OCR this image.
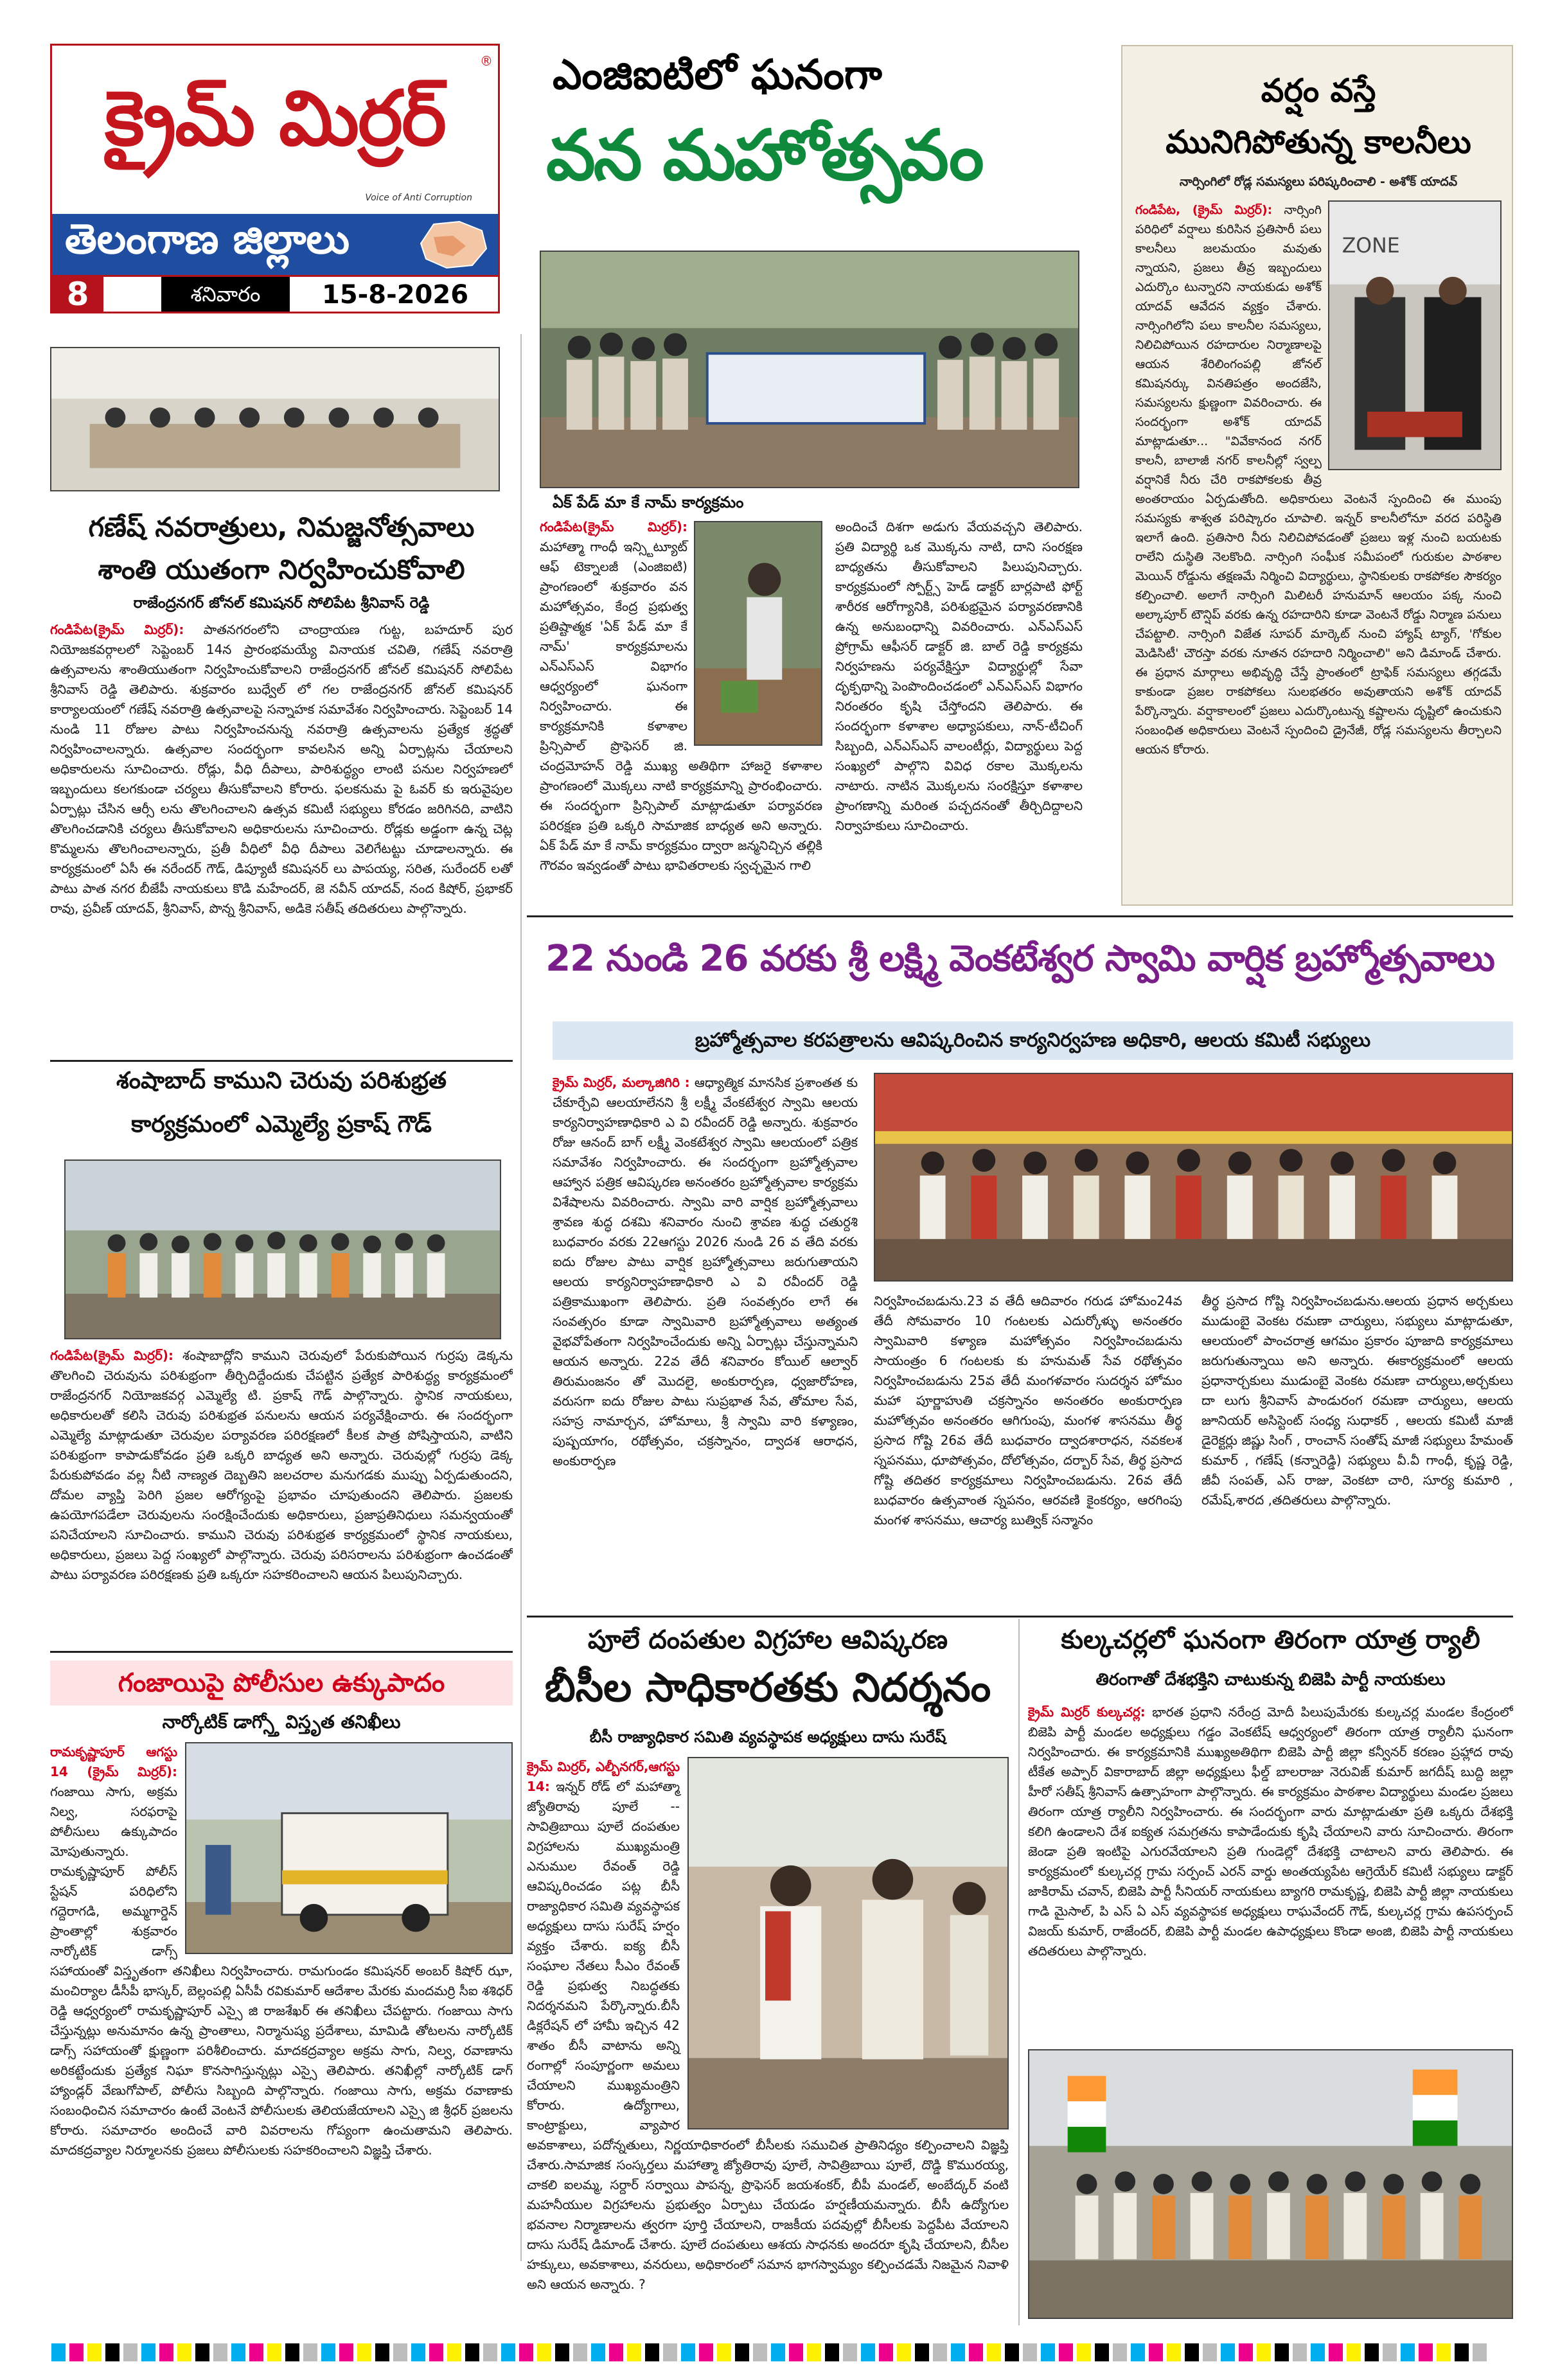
క్రైమ్ మిర్రర్
®
Voice of Anti Corruption
తెలంగాణ జిల్లాలు
8	శనివారం	15-8-2026
ఎంజిఐటిలో ఘనంగా
వన మహోత్సవం
ఏక్ పేడ్ మా కే నామ్ కార్యక్రమం
గండిపేట(క్రైమ్ మిర్రర్): మహాత్మా గాంధీ ఇన్స్టిట్యూట్ ఆఫ్ టెక్నాలజీ (ఎంజిఐటి) ప్రాంగణంలో శుక్రవారం వన మహోత్సవం, కేంద్ర ప్రభుత్వ ప్రతిష్టాత్మక 'ఏక్ పేడ్ మా కే నామ్' కార్యక్రమాలను ఎన్ఎస్ఎస్ విభాగం ఆధ్వర్యంలో ఘనంగా నిర్వహించారు. ఈ కార్యక్రమానికి కళాశాల ప్రిన్సిపాల్ ప్రొఫెసర్ జి. చంద్రమోహన్ రెడ్డి ముఖ్య అతిథిగా హాజరై కళాశాల ప్రాంగణంలో మొక్కలు నాటి కార్యక్రమాన్ని ప్రారంభించారు. ఈ సందర్భంగా ప్రిన్సిపాల్ మాట్లాడుతూ పర్యావరణ పరిరక్షణ ప్రతి ఒక్కరి సామాజిక బాధ్యత అని అన్నారు. ఏక్ పేడ్ మా కే నామ్ కార్యక్రమం ద్వారా జన్మనిచ్చిన తల్లికి గౌరవం ఇవ్వడంతో పాటు భావితరాలకు స్వచ్ఛమైన గాలి
అందించే దిశగా అడుగు వేయవచ్చని తెలిపారు. ప్రతి విద్యార్థి ఒక మొక్కను నాటి, దాని సంరక్షణ బాధ్యతను తీసుకోవాలని పిలుపునిచ్చారు. కార్యక్రమంలో స్పోర్ట్స్ హెడ్ డాక్టర్ బార్లపాటి ఫోర్ట్ శారీరక ఆరోగ్యానికి, పరిశుభ్రమైన పర్యావరణానికి ఉన్న అనుబంధాన్ని వివరించారు. ఎన్ఎస్ఎస్ ప్రోగ్రామ్ ఆఫీసర్ డాక్టర్ జి. బాల్ రెడ్డి కార్యక్రమ నిర్వహణను పర్యవేక్షిస్తూ విద్యార్థుల్లో సేవా దృక్పథాన్ని పెంపొందించడంలో ఎన్ఎస్ఎస్ విభాగం నిరంతరం కృషి చేస్తోందని తెలిపారు. ఈ సందర్భంగా కళాశాల అధ్యాపకులు, నాన్-టీచింగ్ సిబ్బంది, ఎన్ఎస్ఎస్ వాలంటీర్లు, విద్యార్థులు పెద్ద సంఖ్యలో పాల్గొని వివిధ రకాల మొక్కలను నాటారు. నాటిన మొక్కలను సంరక్షిస్తూ కళాశాల ప్రాంగణాన్ని మరింత పచ్చదనంతో తీర్చిదిద్దాలని నిర్వాహకులు సూచించారు.
వర్షం వస్తే
మునిగిపోతున్న కాలనీలు
నార్సింగిలో రోడ్ల సమస్యలు పరిష్కరించాలి - అశోక్ యాదవ్
ZONE
గండిపేట, (క్రైమ్ మిర్రర్): నార్సింగి పరిధిలో వర్షాలు కురిసిన ప్రతిసారీ పలు కాలనీలు జలమయం మవుతు న్నాయని, ప్రజలు తీవ్ర ఇబ్బందులు ఎదుర్కొం టున్నారని నాయకుడు అశోక్ యాదవ్ ఆవేదన వ్యక్తం చేశారు. నార్సింగిలోని పలు కాలనీల సమస్యలు, నిలిచిపోయిన రహదారుల నిర్మాణాలపై ఆయన శేరిలింగంపల్లి జోనల్ కమిషనర్కు వినతిపత్రం అందజేసి, సమస్యలను క్షుణ్ణంగా వివరించారు. ఈ సందర్భంగా అశోక్ యాదవ్ మాట్లాడుతూ... "వివేకానంద నగర్ కాలనీ, బాలాజీ నగర్ కాలనీల్లో స్వల్ప వర్షానికే నీరు చేరి రాకపోకలకు తీవ్ర అంతరాయం ఏర్పడుతోంది. అధికారులు వెంటనే స్పందించి ఈ ముంపు సమస్యకు శాశ్వత పరిష్కారం చూపాలి. ఇన్నర్ కాలనీలోనూ వరద పరిస్థితి ఇలాగే ఉంది. ప్రతిసారి నీరు నిలిచిపోవడంతో ప్రజలు ఇళ్ల నుంచి బయటకు రాలేని దుస్థితి నెలకొంది. నార్సింగి సంఘీక సమీపంలో గురుకుల పాఠశాల మెయిన్ రోడ్డును తక్షణమే నిర్మించి విద్యార్థులు, స్థానికులకు రాకపోకల సౌకర్యం కల్పించాలి. అలాగే నార్సింగి మిలిటరీ హనుమాన్ ఆలయం పక్క నుంచి అల్కాపూర్ టౌన్షిప్ వరకు ఉన్న రహదారిని కూడా వెంటనే రోడ్డు నిర్మాణ పనులు చేపట్టాలి. నార్సింగి విజేత సూపర్ మార్కెట్ నుంచి హ్యాష్ ట్యాగ్, 'గోకుల మెడిసిటీ' చౌరస్తా వరకు నూతన రహదారి నిర్మించాలి" అని డిమాండ్ చేశారు. ఈ ప్రధాన మార్గాలు అభివృద్ధి చేస్తే ప్రాంతంలో ట్రాఫిక్ సమస్యలు తగ్గడమే కాకుండా ప్రజల రాకపోకలు సులభతరం అవుతాయని అశోక్ యాదవ్ పేర్కొన్నారు. వర్షాకాలంలో ప్రజలు ఎదుర్కొంటున్న కష్టాలను దృష్టిలో ఉంచుకుని సంబంధిత అధికారులు వెంటనే స్పందించి డ్రైనేజీ, రోడ్ల సమస్యలను తీర్చాలని ఆయన కోరారు.
గణేష్ నవరాత్రులు, నిమజ్జనోత్సవాలు
శాంతి యుతంగా నిర్వహించుకోవాలి
రాజేంద్రనగర్ జోనల్ కమిషనర్ సోలిపేట శ్రీనివాస్ రెడ్డి
గండిపేట(క్రైమ్ మిర్రర్): పాతనగరంలోని చాంద్రాయణ గుట్ట, బహదూర్ పుర నియోజకవర్గాలలో సెప్టెంబర్ 14న ప్రారంభమయ్యే వినాయక చవితి, గణేష్ నవరాత్రి ఉత్సవాలను శాంతియుతంగా నిర్వహించుకోవాలని రాజేంద్రనగర్ జోనల్ కమిషనర్ సోలిపేట శ్రీనివాస్ రెడ్డి తెలిపారు. శుక్రవారం బుధ్వేల్ లో గల రాజేంద్రనగర్ జోనల్ కమిషనర్ కార్యాలయంలో గణేష్ నవరాత్రి ఉత్సవాలపై సన్నాహక సమావేశం నిర్వహించారు. సెప్టెంబర్ 14 నుండి 11 రోజుల పాటు నిర్వహించనున్న నవరాత్రి ఉత్సవాలను ప్రత్యేక శ్రద్ధతో నిర్వహించాలన్నారు. ఉత్సవాల సందర్భంగా కావలసిన అన్ని ఏర్పాట్లను చేయాలని అధికారులను సూచించారు. రోడ్లు, వీధి దీపాలు, పారిశుద్ధ్యం లాంటి పనుల నిర్వహణలో ఇబ్బందులు కలగకుండా చర్యలు తీసుకోవాలని కోరారు. ఫలకనుమ పై ఓవర్ కు ఇరువైపుల ఏర్పాట్లు చేసిన ఆర్సీ లను తొలగించాలని ఉత్సవ కమిటీ సభ్యులు కోరడం జరిగినది, వాటిని తొలగించడానికి చర్యలు తీసుకోవాలని అధికారులను సూచించారు. రోడ్లకు అడ్డంగా ఉన్న చెట్ల కొమ్మలను తొలగించాలన్నారు, ప్రతీ వీధిలో వీధి దీపాలు వెలిగేటట్టు చూడాలన్నారు. ఈ కార్యక్రమంలో ఏసీ ఈ నరేందర్ గౌడ్, డిప్యూటీ కమిషనర్ లు పాపయ్య, సరిత, సురేందర్ లతో పాటు పాత నగర బీజేపీ నాయకులు కొడి మహేందర్, జె నవీన్ యాదవ్, నంద కిషోర్, ప్రభాకర్ రావు, ప్రవీణ్ యాదవ్, శ్రీనివాస్, పొన్న శ్రీనివాస్, అడికె సతీష్ తదితరులు పాల్గొన్నారు.
శంషాబాద్ కాముని చెరువు పరిశుభ్రత
కార్యక్రమంలో ఎమ్మెల్యే ప్రకాష్ గౌడ్
గండిపేట(క్రైమ్ మిర్రర్): శంషాబాద్లోని కాముని చెరువులో పేరుకుపోయిన గుర్రపు డెక్కను తొలగించి చెరువును పరిశుభ్రంగా తీర్చిదిద్దేందుకు చేపట్టిన ప్రత్యేక పారిశుద్ధ్య కార్యక్రమంలో రాజేంద్రనగర్ నియోజకవర్గ ఎమ్మెల్యే టి. ప్రకాష్ గౌడ్ పాల్గొన్నారు. స్థానిక నాయకులు, అధికారులతో కలిసి చెరువు పరిశుభ్రత పనులను ఆయన పర్యవేక్షించారు. ఈ సందర్భంగా ఎమ్మెల్యే మాట్లాడుతూ చెరువుల పర్యావరణ పరిరక్షణలో కీలక పాత్ర పోషిస్తాయని, వాటిని పరిశుభ్రంగా కాపాడుకోవడం ప్రతి ఒక్కరి బాధ్యత అని అన్నారు. చెరువుల్లో గుర్రపు డెక్క పేరుకుపోవడం వల్ల నీటి నాణ్యత దెబ్బతిని జలచరాల మనుగడకు ముప్పు ఏర్పడుతుందని, దోమల వ్యాప్తి పెరిగి ప్రజల ఆరోగ్యంపై ప్రభావం చూపుతుందని తెలిపారు. ప్రజలకు ఉపయోగపడేలా చెరువులను సంరక్షించేందుకు అధికారులు, ప్రజాప్రతినిధులు సమన్వయంతో పనిచేయాలని సూచించారు. కాముని చెరువు పరిశుభ్రత కార్యక్రమంలో స్థానిక నాయకులు, అధికారులు, ప్రజలు పెద్ద సంఖ్యలో పాల్గొన్నారు. చెరువు పరిసరాలను పరిశుభ్రంగా ఉంచడంతో పాటు పర్యావరణ పరిరక్షణకు ప్రతి ఒక్కరూ సహకరించాలని ఆయన పిలుపునిచ్చారు.
గంజాయిపై పోలీసుల ఉక్కుపాదం
నార్కోటిక్ డాగ్స్తో విస్తృత తనిఖీలు
రామకృష్ణాపూర్ ఆగస్టు 14 (క్రైమ్ మిర్రర్): గంజాయి సాగు, అక్రమ నిల్వ, సరఫరాపై పోలీసులు ఉక్కుపాదం మోపుతున్నారు. రామకృష్ణాపూర్ పోలీస్ స్టేషన్ పరిధిలోని గద్దెరాగడి, అమ్మగార్డెన్ ప్రాంతాల్లో శుక్రవారం నార్కోటిక్ డాగ్స్ సహాయంతో విస్తృతంగా తనిఖీలు నిర్వహించారు. రామగుండం కమిషనర్ అంబర్ కిషోర్ ఝా, మంచిర్యాల డీసీపీ భాస్కర్, బెల్లంపల్లి ఏసీపీ రవికుమార్ ఆదేశాల మేరకు మందమర్రి సీఐ శశిధర్ రెడ్డి ఆధ్వర్యంలో రామకృష్ణాపూర్ ఎస్సై జి రాజశేఖర్ ఈ తనిఖీలు చేపట్టారు. గంజాయి సాగు చేస్తున్నట్లు అనుమానం ఉన్న ప్రాంతాలు, నిర్మానుష్య ప్రదేశాలు, మామిడి తోటలను నార్కోటిక్ డాగ్స్ సహాయంతో క్షుణ్ణంగా పరిశీలించారు. మాదకద్రవ్యాల అక్రమ సాగు, నిల్వ, రవాణాను అరికట్టేందుకు ప్రత్యేక నిఘా కొనసాగిస్తున్నట్లు ఎస్సై తెలిపారు. తనిఖీల్లో నార్కోటిక్ డాగ్ హ్యాండ్లర్ వేణుగోపాల్, పోలీసు సిబ్బంది పాల్గొన్నారు. గంజాయి సాగు, అక్రమ రవాణాకు సంబంధించిన సమాచారం ఉంటే వెంటనే పోలీసులకు తెలియజేయాలని ఎస్సై జి శ్రీధర్ ప్రజలను కోరారు. సమాచారం అందించే వారి వివరాలను గోప్యంగా ఉంచుతామని తెలిపారు. మాదకద్రవ్యాల నిర్మూలనకు ప్రజలు పోలీసులకు సహకరించాలని విజ్ఞప్తి చేశారు.
22 నుండి 26 వరకు శ్రీ లక్ష్మి వెంకటేశ్వర స్వామి వార్షిక బ్రహ్మోత్సవాలు
బ్రహ్మోత్సవాల కరపత్రాలను ఆవిష్కరించిన కార్యనిర్వహణ అధికారి, ఆలయ కమిటీ సభ్యులు
క్రైమ్ మిర్రర్, మల్కాజిగిరి : ఆధ్యాత్మిక మానసిక ప్రశాంతత కు చేకూర్చేవి ఆలయాలేనని శ్రీ లక్ష్మీ వేంకటేశ్వర స్వామి ఆలయ కార్యనిర్వాహణాధికారి ఎ వి రవీందర్ రెడ్డి అన్నారు. శుక్రవారం రోజు ఆనంద్ బాగ్ లక్ష్మీ వెంకటేశ్వర స్వామి ఆలయంలో పత్రిక సమావేశం నిర్వహించారు. ఈ సందర్భంగా బ్రహ్మోత్సవాల ఆహ్వాన పత్రిక ఆవిష్కరణ అనంతరం బ్రహ్మోత్సవాల కార్యక్రమ విశేషాలను వివరించారు. స్వామి వారి వార్షిక బ్రహ్మోత్సవాలు శ్రావణ శుద్ధ దశమి శనివారం నుంచి శ్రావణ శుద్ధ చతుర్దశి బుధవారం వరకు 22ఆగస్టు 2026 నుండి 26 వ తేది వరకు ఐదు రోజుల పాటు వార్షిక బ్రహ్మోత్సవాలు జరుగుతాయని ఆలయ కార్యనిర్వాహణాధికారి ఎ వి రవీందర్ రెడ్డి పత్రికాముఖంగా తెలిపారు. ప్రతి సంవత్సరం లాగే ఈ సంవత్సరం కూడా స్వామివారి బ్రహ్మోత్సవాలు అత్యంత వైభవోపేతంగా నిర్వహించేందుకు అన్ని ఏర్పాట్లు చేస్తున్నామని ఆయన అన్నారు. 22వ తేదీ శనివారం కోయిల్ ఆల్వార్ తిరుమంజనం తో మొదలై, అంకురార్పణ, ధ్వజారోహణ, వరుసగా ఐదు రోజుల పాటు సుప్రభాత సేవ, తోమాల సేవ, సహస్ర నామార్చన, హోమాలు, శ్రీ స్వామి వారి కళ్యాణం, పుష్పయాగం, రథోత్సవం, చక్రస్నానం, ద్వాదశ ఆరాధన, అంకురార్పణ
నిర్వహించబడును.23 వ తేదీ ఆదివారం గరుడ హోమం24వ తేదీ సోమవారం 10 గంటలకు ఎదుర్కోళ్ళు అనంతరం స్వామివారి కళ్యాణ మహోత్సవం నిర్వహించబడును సాయంత్రం 6 గంటలకు కు హనుమత్ సేవ రథోత్సవం నిర్వహించబడును 25వ తేదీ మంగళవారం సుదర్శన హోమం మహా పూర్ణాహుతి చక్రస్నానం అనంతరం అంకురార్పణ మహోత్సవం అనంతరం ఆగిగుంపు, మంగళ శాసనము తీర్థ ప్రసాద గోష్టి 26వ తేదీ బుధవారం ద్వాదశారాధన, నవకలశ స్నపనము, ధూపోత్సవం, దోలోత్సవం, దర్బార్ సేవ, తీర్థ ప్రసాద గోష్టి తదితర కార్యక్రమాలు నిర్వహించబడును. 26వ తేదీ బుధవారం ఉత్సవాంత స్నపనం, ఆరవణి కైంకర్యం, ఆరగింపు మంగళ శాసనము, ఆచార్య బుత్విక్ సన్మానం
తీర్థ ప్రసాద గోష్టి నిర్వహించబడును.ఆలయ ప్రధాన అర్చకులు ముడుంబై వెంకట రమణా చార్యులు, సభ్యులు మాట్లాడుతూ, ఆలయంలో పాంచరాత్ర ఆగమం ప్రకారం పూజాది కార్యక్రమాలు జరుగుతున్నాయి అని అన్నారు. ఈకార్యక్రమంలో ఆలయ ప్రధానార్చకులు ముడుంబై వెంకట రమణా చార్యులు,అర్చకులు దా లుగు శ్రీనివాస్ పాండురంగ రమణా చార్యులు, ఆలయ జూనియర్ అసిస్టెంట్ సంధ్య సుధాకర్ , ఆలయ కమిటీ మాజీ డైరెక్టర్లు జిష్ణు సింగ్ , రాంచాన్ సంతోష్ మాజీ సభ్యులు హేమంత్ కుమార్ , గణేష్ (కన్నారెడ్డి) సభ్యులు వీ.వీ గాంధీ, కృష్ణ రెడ్డి, జీవీ సంపత్, ఎస్ రాజు, వెంకటా చారి, సూర్య కుమారి , రమేష్,శారద ,తదితరులు పాల్గొన్నారు.
పూలే దంపతుల విగ్రహాల ఆవిష్కరణ
బీసీల సాధికారతకు నిదర్శనం
బీసీ రాజ్యాధికార సమితి వ్యవస్థాపక అధ్యక్షులు దాసు సురేష్
క్రైమ్ మిర్రర్, ఎల్బీనగర్,ఆగస్టు 14: ఇన్నర్ రోడ్ లో మహాత్మా జ్యోతిరావు పూలే -- సావిత్రిబాయి పూలే దంపతుల విగ్రహాలను ముఖ్యమంత్రి ఎనుముల రేవంత్ రెడ్డి ఆవిష్కరించడం పట్ల బీసీ రాజ్యాధికార సమితి వ్యవస్థాపక అధ్యక్షులు దాసు సురేష్ హర్షం వ్యక్తం చేశారు. ఐక్య బీసీ సంఘాల నేతలు సీఎం రేవంత్ రెడ్డి ప్రభుత్వ నిబద్ధతకు నిదర్శనమని పేర్కొన్నారు.బీసీ డిక్లరేషన్ లో హామీ ఇచ్చిన 42 శాతం బీసీ వాటాను అన్ని రంగాల్లో సంపూర్ణంగా అమలు చేయాలని ముఖ్యమంత్రిని కోరారు. ఉద్యోగాలు, కాంట్రాక్టులు, వ్యాపార అవకాశాలు, పదోన్నతులు, నిర్ణయాధికారంలో బీసీలకు సముచిత ప్రాతినిధ్యం కల్పించాలని విజ్ఞప్తి చేశారు.సామాజిక సంస్కర్తలు మహాత్మా జ్యోతిరావు పూలే, సావిత్రిబాయి పూలే, దొడ్డి కొమురయ్య, చాకలి ఐలమ్మ, సర్దార్ సర్వాయి పాపన్న, ప్రొఫెసర్ జయశంకర్, బీపీ మండల్, అంబేద్కర్ వంటి మహనీయుల విగ్రహాలను ప్రభుత్వం ఏర్పాటు చేయడం హర్షణీయమన్నారు. బీసీ ఉద్యోగుల భవనాల నిర్మాణాలను త్వరగా పూర్తి చేయాలని, రాజకీయ పదవుల్లో బీసీలకు పెద్దపీట వేయాలని దాసు సురేష్ డిమాండ్ చేశారు. పూలే దంపతులు ఆశయ సాధనకు అందరూ కృషి చేయాలని, బీసీల హక్కులు, అవకాశాలు, వనరులు, అధికారంలో సమాన భాగస్వామ్యం కల్పించడమే నిజమైన నివాళి అని ఆయన అన్నారు. ?
కుల్కచర్లలో ఘనంగా తిరంగా యాత్ర ర్యాలీ
తిరంగాతో దేశభక్తిని చాటుకున్న బిజెపి పార్టీ నాయకులు
క్రైమ్ మిర్రర్ కుల్కచర్ల: భారత ప్రధాని నరేంద్ర మోదీ పిలుపుమేరకు కుల్కచర్ల మండల కేంద్రంలో బిజెపి పార్టీ మండల అధ్యక్షులు గడ్డం వెంకటేష్ ఆధ్వర్యంలో తిరంగా యాత్ర ర్యాలీని ఘనంగా నిర్వహించారు. ఈ కార్యక్రమానికి ముఖ్యఅతిథిగా బిజెపి పార్టీ జిల్లా కన్వీనర్ కరణం ప్రహ్లాద రావు టీకేత అప్పార్ వికారాబాద్ జిల్లా అధ్యక్షులు ఫీల్డ్ బాలరాజు నెరువిజ్ కుమార్ జగదీష్ బుద్ది జల్లా హీరో సతీష్ శ్రీనివాస్ ఉత్సాహంగా పాల్గొన్నారు. ఈ కార్యక్రమం పాఠశాల విద్యార్థులు మండల ప్రజలు తిరంగా యాత్ర ర్యాలీని నిర్వహించారు. ఈ సందర్భంగా వారు మాట్లాడుతూ ప్రతి ఒక్కరు దేశభక్తి కలిగి ఉండాలని దేశ ఐక్యత సమగ్రతను కాపాడేందుకు కృషి చేయాలని వారు సూచించారు. తిరంగా జెండా ప్రతి ఇంటిపై ఎగురవేయాలని ప్రతి గుండెల్లో దేశభక్తి చాటాలని వారు తెలిపారు. ఈ కార్యక్రమంలో కుల్కచర్ల గ్రామ సర్పంచ్ ఎరన్ వార్డు అంతయ్యపేట ఆగ్రెయేర్ కమిటీ సభ్యులు డాక్టర్ జాకిరామ్ చవాన్, బిజెపి పార్టీ సీనియర్ నాయకులు బ్యాగరి రామకృష్ణ, బిజెపి పార్టీ జిల్లా నాయకులు గాడి మైసాల్, పి ఎస్ ఏ ఎస్ వ్యవస్థాపక అధ్యక్షులు రాఘవేందర్ గౌడ్, కుల్కచర్ల గ్రామ ఉపసర్పంచ్ విజయ్ కుమార్, రాజేందర్, బిజెపి పార్టీ మండల ఉపాధ్యక్షులు కొండా అంజి, బిజెపి పార్టీ నాయకులు తదితరులు పాల్గొన్నారు.
